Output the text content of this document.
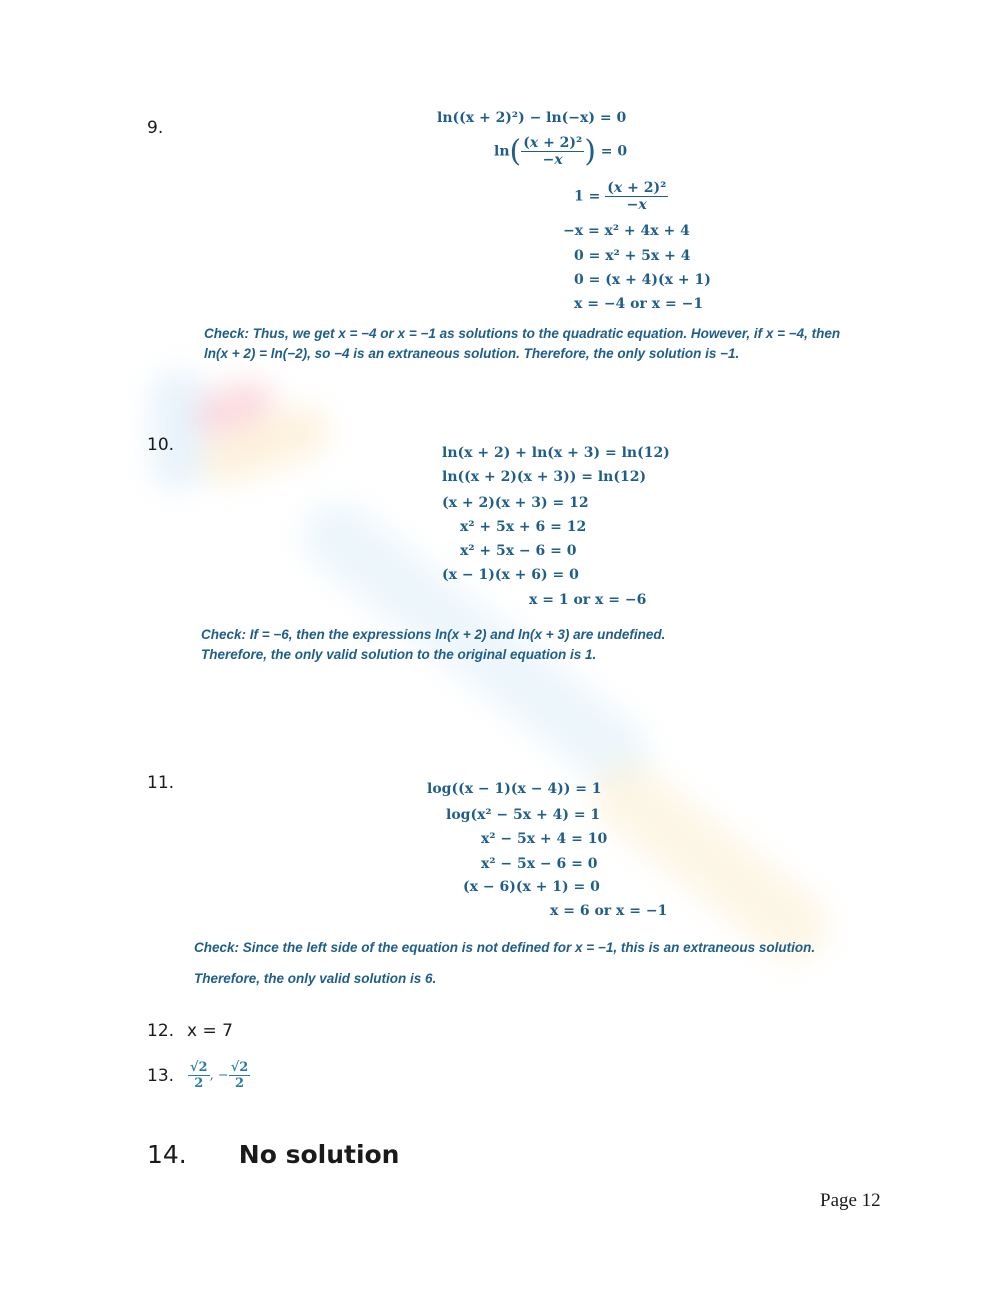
9.	ln((x + 2)²) − ln(−x) = 0
$\ln( \frac{\text{(x + 2)²}}{-x}$ ) = 0
$1 = \frac{\text{(x + 2)²}}{-x}$
−x = x² + 4x + 4
0 = x² + 5x + 4
0 = (x + 4)(x + 1)
x = −4 or x = −1
Check: Thus, we get x = −4 or x = −1 as solutions to the quadratic equation. However, if x = −4, then
ln(x + 2) = ln(−2), so −4 is an extraneous solution. Therefore, the only solution is −1.
10.	ln(x + 2) + ln(x + 3) = ln(12)
ln((x + 2)(x + 3)) = ln(12)
(x + 2)(x + 3) = 12
x² + 5x + 6 = 12
x² + 5x − 6 = 0
(x − 1)(x + 6) = 0
x = 1 or x = −6
Check: If = −6, then the expressions ln(x + 2) and ln(x + 3) are undefined.
Therefore, the only valid solution to the original equation is 1.
11.	log((x − 1)(x − 4)) = 1
log(x² − 5x + 4) = 1
x² − 5x + 4 = 10
x² − 5x − 6 = 0
(x − 6)(x + 1) = 0
x = 6 or x = −1
Check: Since the left side of the equation is not defined for x = −1, this is an extraneous solution.
Therefore, the only valid solution is 6.
12. x = 7
13. $\frac{√2}{2}$ , − $\frac{√2}{2}$
14. No solution
Page 12
